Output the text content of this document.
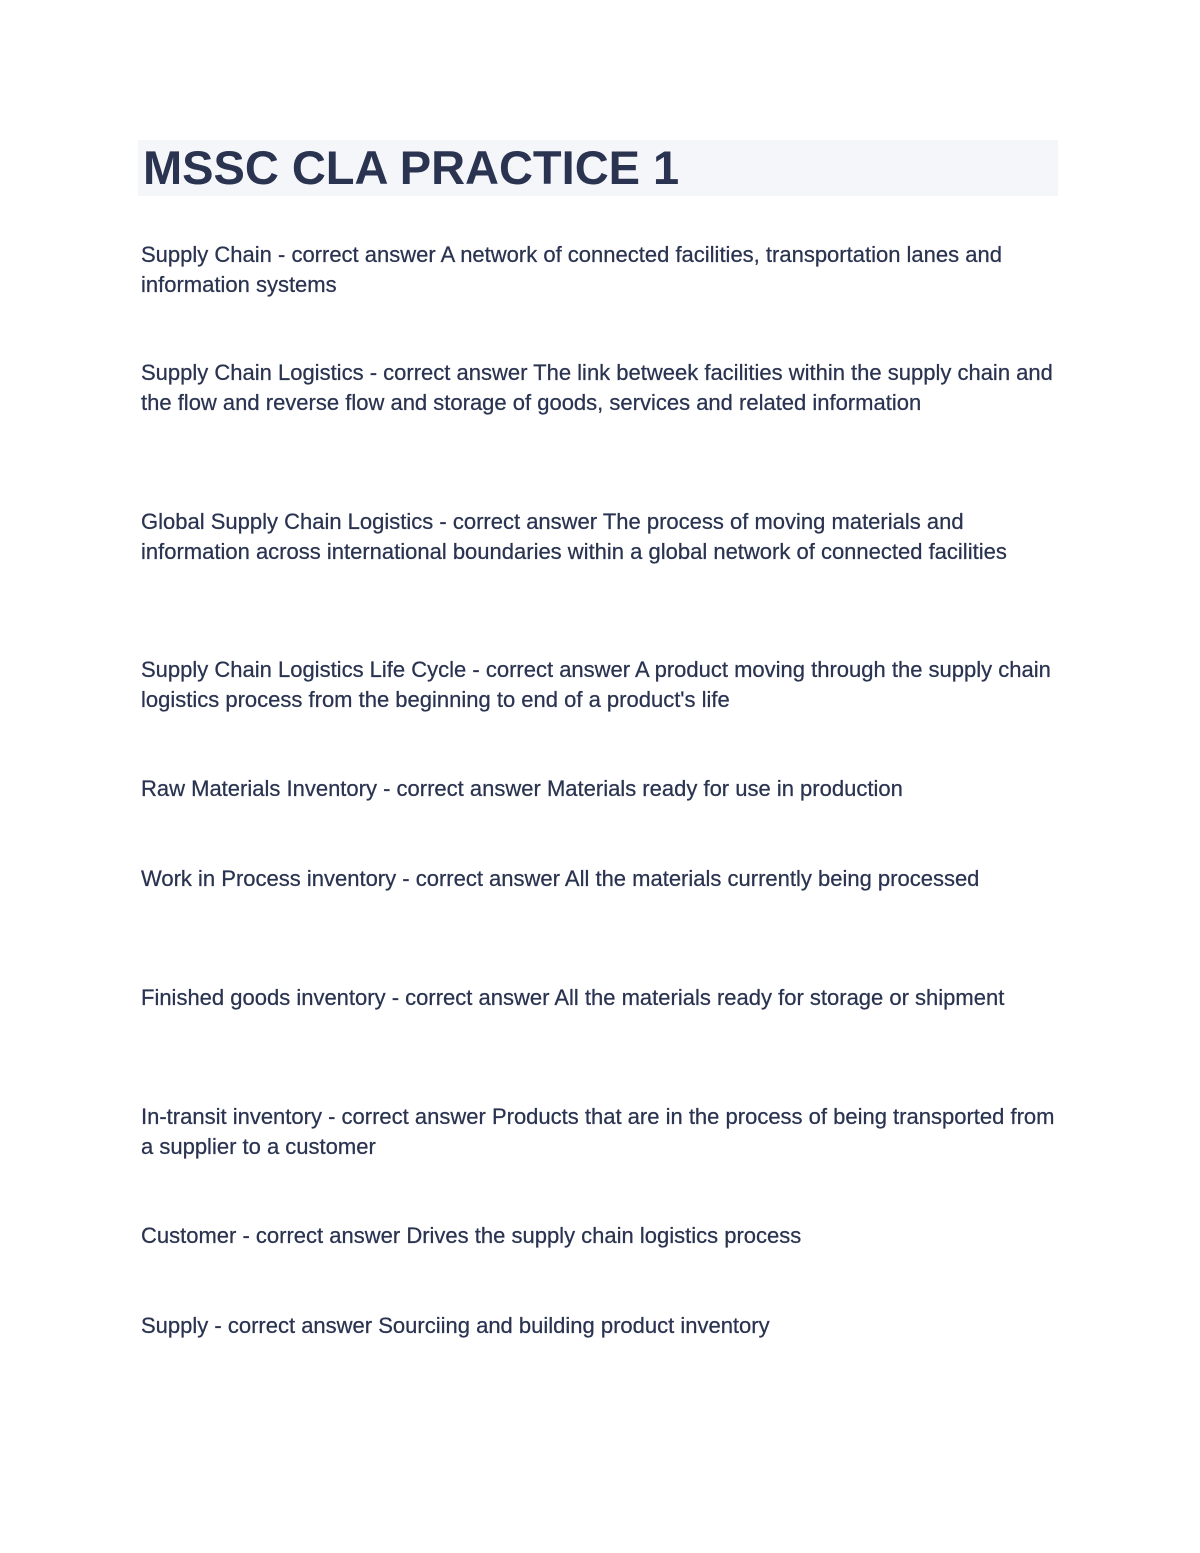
MSSC CLA PRACTICE 1

Supply Chain - correct answer A network of connected facilities, transportation lanes and information systems

Supply Chain Logistics - correct answer The link betweek facilities within the supply chain and the flow and reverse flow and storage of goods, services and related information

Global Supply Chain Logistics - correct answer The process of moving materials and information across international boundaries within a global network of connected facilities

Supply Chain Logistics Life Cycle - correct answer A product moving through the supply chain logistics process from the beginning to end of a product's life

Raw Materials Inventory - correct answer Materials ready for use in production

Work in Process inventory - correct answer All the materials currently being processed

Finished goods inventory - correct answer All the materials ready for storage or shipment

In-transit inventory - correct answer Products that are in the process of being transported from a supplier to a customer

Customer - correct answer Drives the supply chain logistics process

Supply - correct answer Sourciing and building product inventory
